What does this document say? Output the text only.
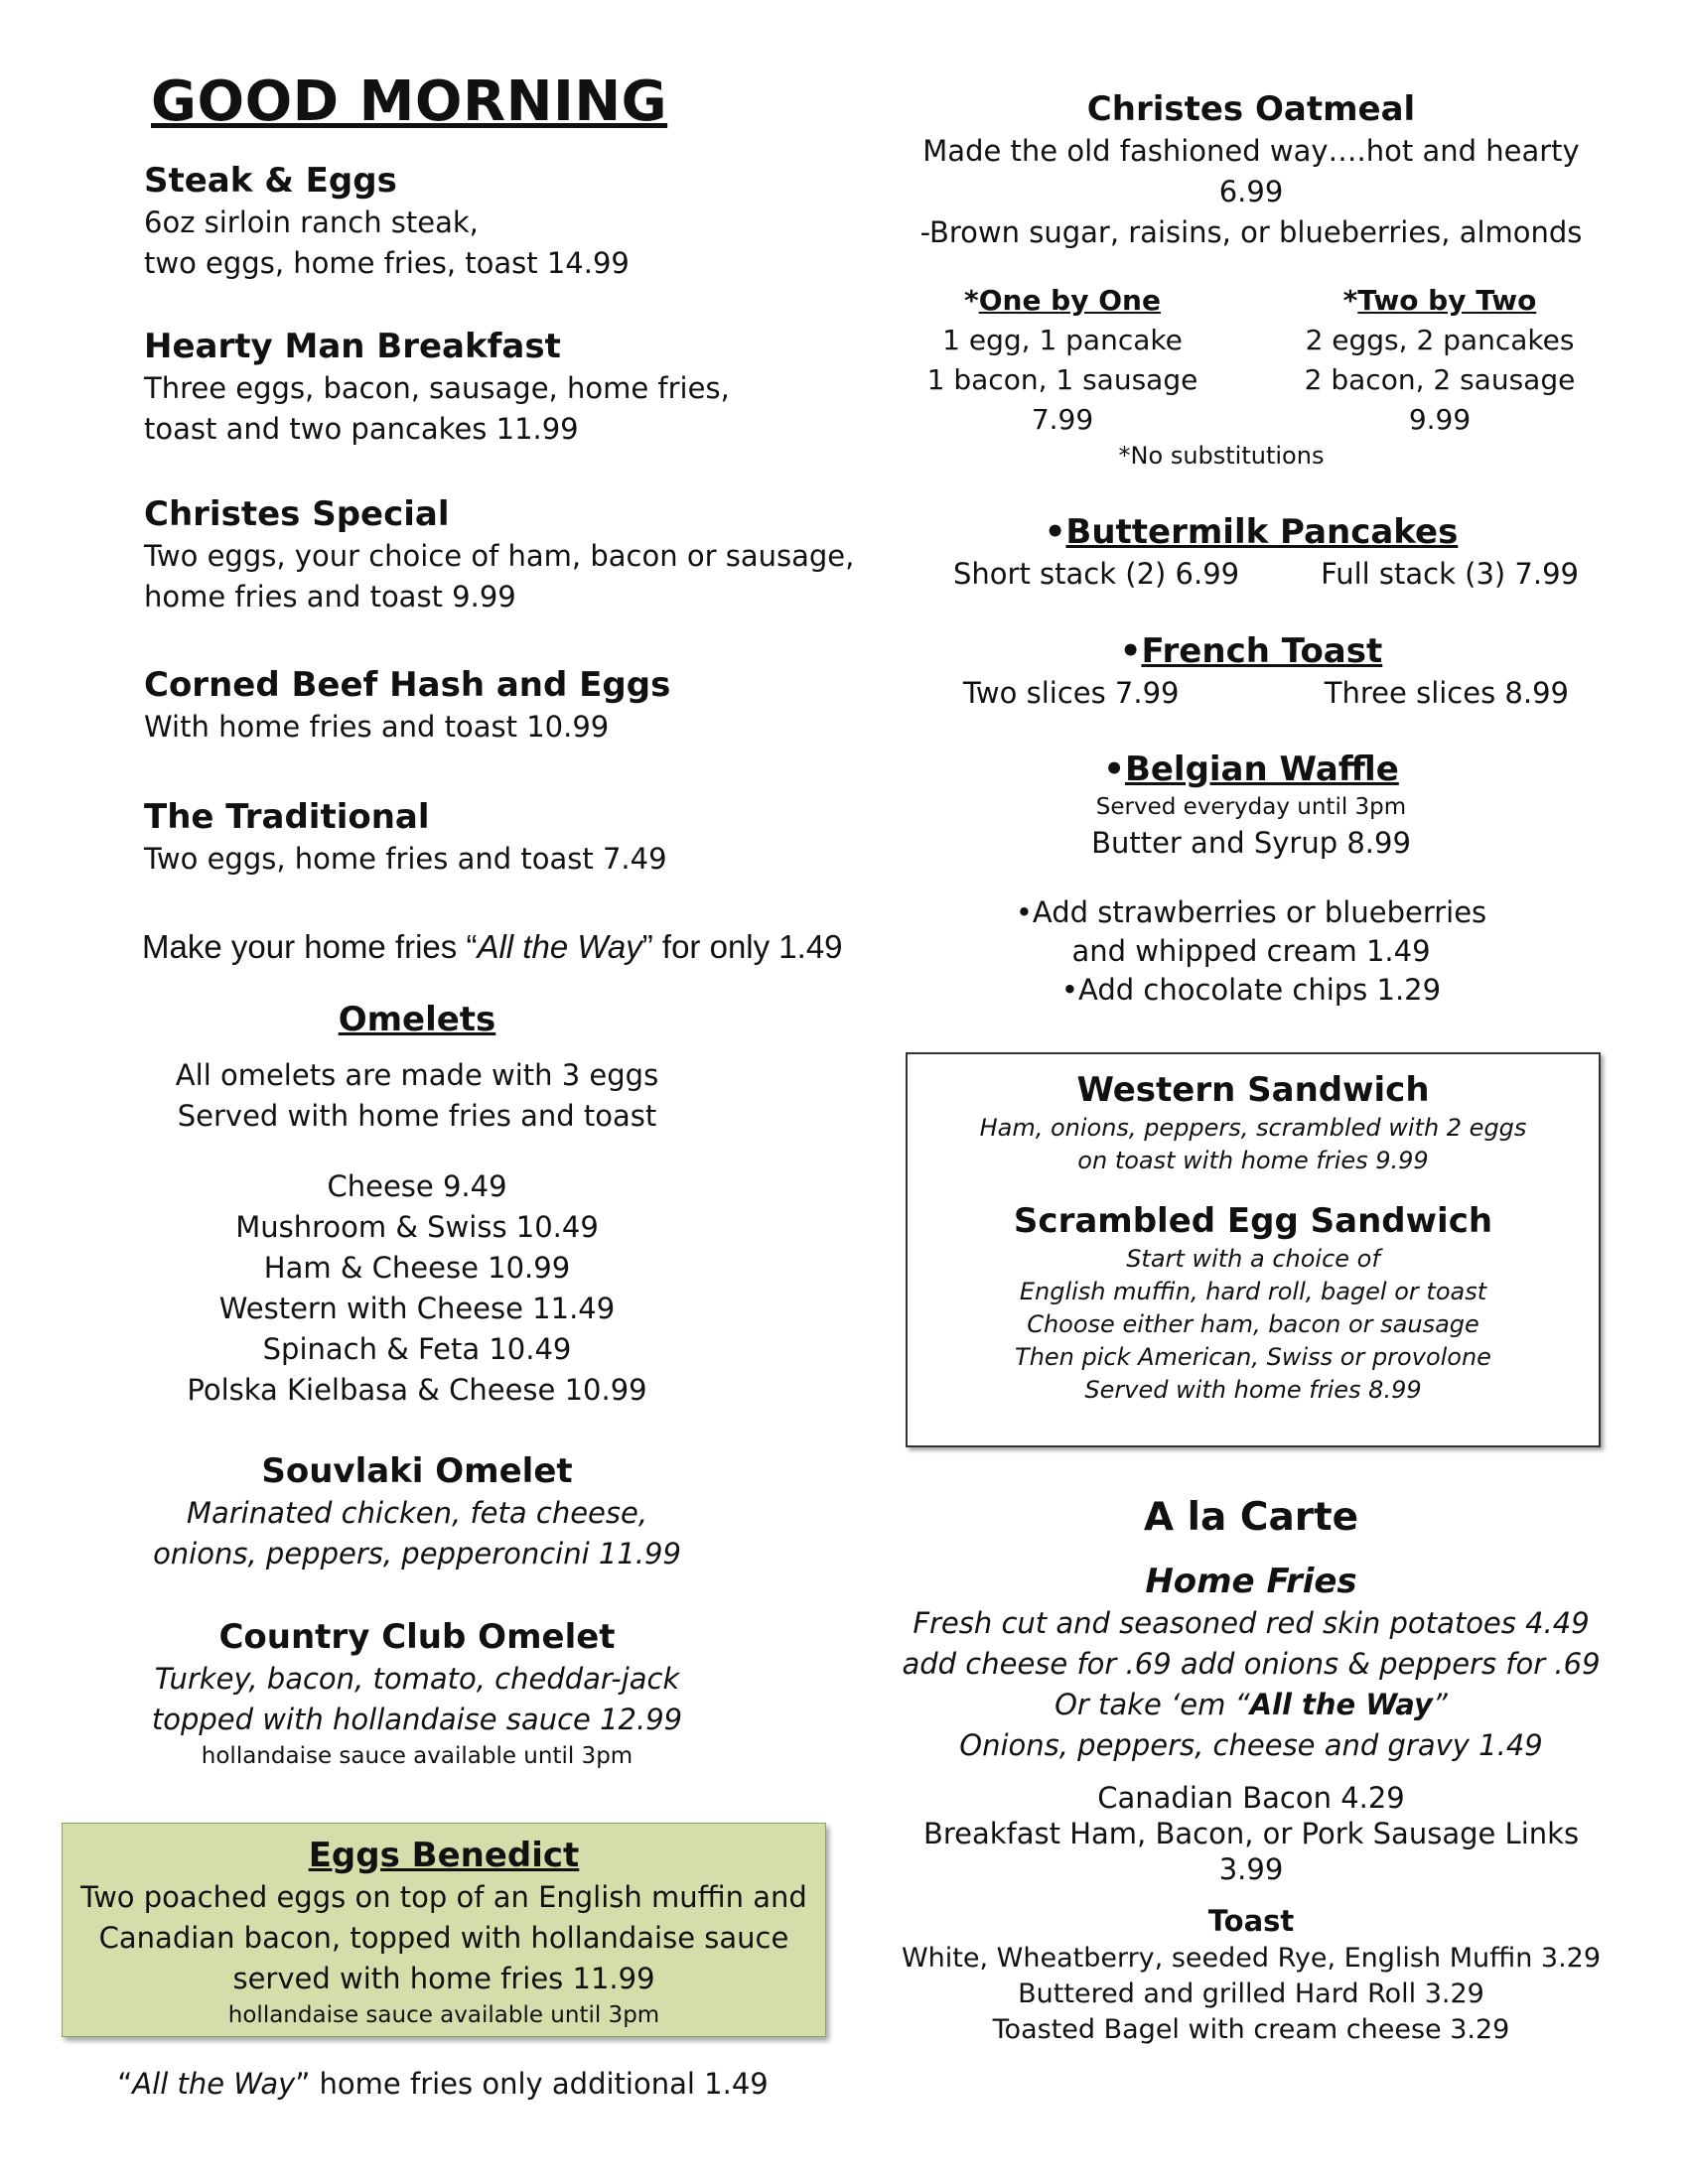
GOOD MORNING
Steak & Eggs
6oz sirloin ranch steak,
two eggs, home fries, toast 14.99
Hearty Man Breakfast
Three eggs, bacon, sausage, home fries,
toast and two pancakes 11.99
Christes Special
Two eggs, your choice of ham, bacon or sausage,
home fries and toast 9.99
Corned Beef Hash and Eggs
With home fries and toast 10.99
The Traditional
Two eggs, home fries and toast 7.49
Make your home fries “All the Way” for only 1.49
Omelets
All omelets are made with 3 eggs
Served with home fries and toast
Cheese 9.49
Mushroom & Swiss 10.49
Ham & Cheese 10.99
Western with Cheese 11.49
Spinach & Feta 10.49
Polska Kielbasa & Cheese 10.99
Souvlaki Omelet
Marinated chicken, feta cheese,
onions, peppers, pepperoncini 11.99
Country Club Omelet
Turkey, bacon, tomato, cheddar-jack
topped with hollandaise sauce 12.99
hollandaise sauce available until 3pm
Eggs Benedict
Two poached eggs on top of an English muffin and
Canadian bacon, topped with hollandaise sauce
served with home fries 11.99
hollandaise sauce available until 3pm
“All the Way” home fries only additional 1.49
Christes Oatmeal
Made the old fashioned way….hot and hearty 6.99
-Brown sugar, raisins, or blueberries, almonds
*One by One
1 egg, 1 pancake
1 bacon, 1 sausage
7.99
*Two by Two
2 eggs, 2 pancakes
2 bacon, 2 sausage
9.99
*No substitutions
•Buttermilk Pancakes
Short stack (2) 6.99	Full stack (3) 7.99
•French Toast
Two slices 7.99	Three slices 8.99
•Belgian Waffle
Served everyday until 3pm
Butter and Syrup 8.99
•Add strawberries or blueberries
and whipped cream 1.49
•Add chocolate chips 1.29
Western Sandwich
Ham, onions, peppers, scrambled with 2 eggs
on toast with home fries 9.99
Scrambled Egg Sandwich
Start with a choice of
English muffin, hard roll, bagel or toast
Choose either ham, bacon or sausage
Then pick American, Swiss or provolone
Served with home fries 8.99
A la Carte
Home Fries
Fresh cut and seasoned red skin potatoes 4.49
add cheese for .69 add onions & peppers for .69
Or take ‘em “All the Way”
Onions, peppers, cheese and gravy 1.49
Canadian Bacon 4.29
Breakfast Ham, Bacon, or Pork Sausage Links 3.99
Toast
White, Wheatberry, seeded Rye, English Muffin 3.29
Buttered and grilled Hard Roll 3.29
Toasted Bagel with cream cheese 3.29
